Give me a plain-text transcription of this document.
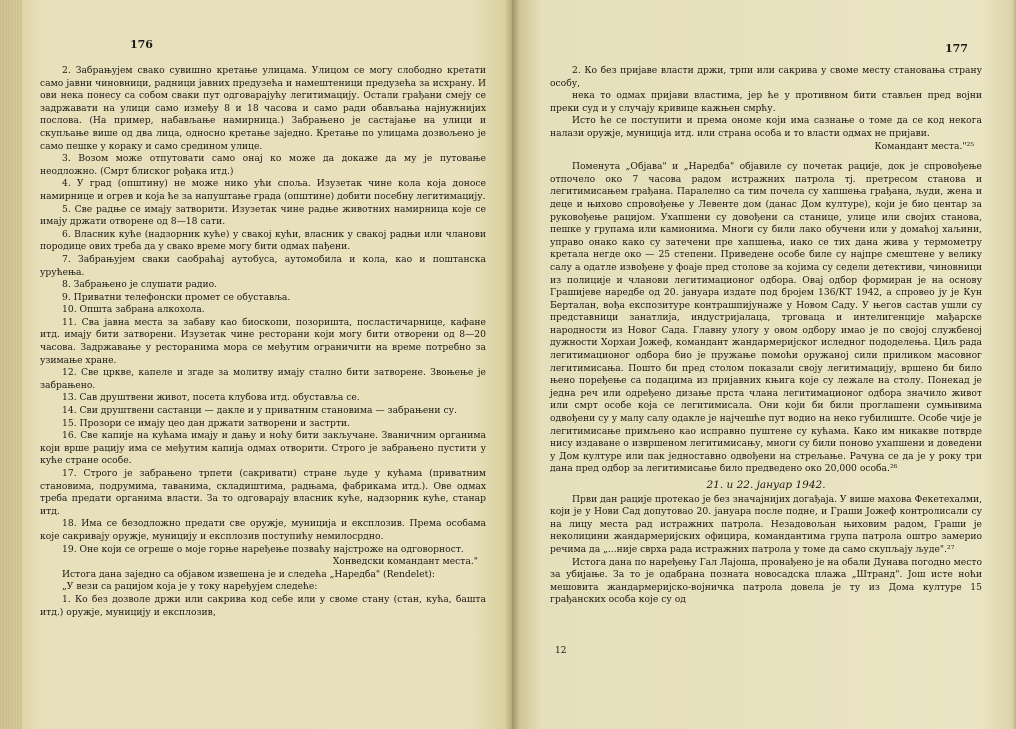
176

2. Забрањујем свако сувишно кретање улицама. Улицом се могу слободно кретати само јавни чиновници, радници јавних предузећа и намештеници предузећа за исхрану. И ови нека понесу са собом сваки пут одговарајућу легитимацију. Остали грађани смеју се задржавати на улици само између 8 и 18 часова и само ради обављања најнужнијих послова. (На пример, набављање намирница.) Забрањено је састајање на улици и скупљање више од два лица, односно кретање заједно. Кретање по улицама дозвољено је само пешке у кораку и само средином улице.

3. Возом може отпутовати само онај ко може да докаже да му је путовање неодложно. (Смрт блиског рођака итд.)

4. У град (општину) не може нико ући споља. Изузетак чине кола која доносе намирнице и огрев и која ће за напуштање града (општине) добити посебну легитимацију.

5. Све радње се имају затворити. Изузетак чине радње животних намирница које се имају држати отворене од 8—18 сати.

6. Власник куће (надзорник куће) у свакој кући, власник у свакој радњи или чланови породице ових треба да у свако време могу бити одмах пађени.

7. Забрањујем сваки саобраћај аутобуса, аутомобила и кола, као и поштанска урућења.

8. Забрањено је слушати радио.

9. Приватни телефонски промет се обуставља.

10. Општа забрана алкохола.

11. Сва јавна места за забаву као биоскопи, позоришта, посластичарнице, кафане итд. имају бити затворени. Изузетак чине ресторани који могу бити отворени од 8—20 часова. Задржавање у ресторанима мора се међутим ограничити на време потребно за узимање хране.

12. Све цркве, капеле и згаде за молитву имају стално бити затворене. Звоњење је забрањено.

13. Сав друштвени живот, посета клубова итд. обуставља се.

14. Сви друштвени састанци — дакле и у приватним становима — забрањени су.

15. Прозори се имају цео дан држати затворени и застрти.

16. Све капије на кућама имају и дању и ноћу бити закључане. Званичним органима који врше рацију има се међутим капија одмах отворити. Строго је забрањено пустити у куће стране особе.

17. Строго је забрањено трпети (сакривати) стране људе у кућама (приватним становима, подрумима, таванима, складиштима, радњама, фабрикама итд.). Ове одмах треба предати органима власти. За то одговарају власник куће, надзорник куће, станар итд.

18. Има се безодложно предати све оружје, муниција и експлозив. Према особама које сакривају оружје, муницију и експлозив поступићу немилосрдно.

19. Оне који се огреше о моје горње наређење позваћу најстроже на одговорност.

Хонведски командант места."

Истога дана заједно са објавом извешена је и следећа „Наредба" (Rendelet):

„У вези са рацијом која је у току наређујем следеће:

1. Ко без дозволе држи или сакрива код себе или у своме стану (стан, кућа, башта итд.) оружје, муницију и експлозив,

177

2. Ко без пријаве власти држи, трпи или сакрива у своме месту становања страну особу,

нека то одмах пријави властима, јер ће у противном бити стављен пред војни преки суд и у случају кривице кажњен смрћу.

Исто ће се поступити и према ономе који има сазнање о томе да се код некога налази оружје, муниција итд. или страна особа и то власти одмах не пријави.

Командант места."²⁵

Поменута „Објава" и „Наредба" објавиле су почетак рације, док је спровођење отпочело око 7 часова радом истражних патрола тј. претресом станова и легитимисањем грађана. Паралелно са тим почела су хапшења грађана, људи, жена и деце и њихово спровођење у Левенте дом (данас Дом културе), који је био центар за руковођење рацијом. Ухапшени су довођени са станице, улице или својих станова, пешке у групама или камионима. Многи су били лако обучени или у домаћој хаљини, управо онако како су затечени пре хапшења, иако се тих дана жива у термометру кретала негде око — 25 степени. Приведене особе биле су најпре смештене у велику салу а одатле извођене у фоаје пред столове за којима су седели детективи, чиновници из полиције и чланови легитимационог одбора. Овај одбор формиран је на основу Грашијеве наредбе од 20. јануара издате под бројем 136/КТ 1942, а спровео ју је Кун Берталан, вођа експозитуре контрашпијунаже у Новом Саду. У његов састав ушли су представници занатлија, индустријалаца, трговаца и интелигенције мађарске народности из Новог Сада. Главну улогу у овом одбору имао је по својој службеној дужности Хорхаи Јожеф, командант жандармеријског иследног пододелења. Циљ рада легитимационог одбора био је пружање помоћи оружаној сили приликом масовног легитимисања. Пошто би пред столом показали своју легитимацију, вршено би било њено поређење са подацима из пријавних књига које су лежале на столу. Понекад је једна реч или одређено дизање прста члана легитимационог одбора значило живот или смрт особе која се легитимисала. Они који би били проглашени сумњивима одвођени су у малу салу одакле је најчешће пут водио на неко губилиште. Особе чије је легитимисање примљено као исправно пуштене су кућама. Како им никакве потврде нису издаване о извршеном легитимисању, многи су били поново ухапшени и доведени у Дом културе или пак једноставно одвођени на стрељање. Рачуна се да је у року три дана пред одбор за легитимисање било предведено око 20,000 особа.²⁶

21. и 22. јануар 1942.

Први дан рације протекао је без значајнијих догађаја. У више махова Фекетехалми, који је у Нови Сад допутовао 20. јануара после подне, и Граши Јожеф контролисали су на лицу места рад истражних патрола. Незадовољан њиховим радом, Граши је неколицини жандармеријских официра, командантима група патрола оштро замерио речима да „...није сврха рада истражних патрола у томе да само скупљају људе".²⁷

Истога дана по наређењу Гал Лајоша, пронађено је на обали Дунава погодно место за убијање. За то је одабрана позната новосадска плажа „Штранд". Још исте ноћи мешовита жандармеријско-војничка патрола довела је ту из Дома културе 15 грађанских особа које су од

12
